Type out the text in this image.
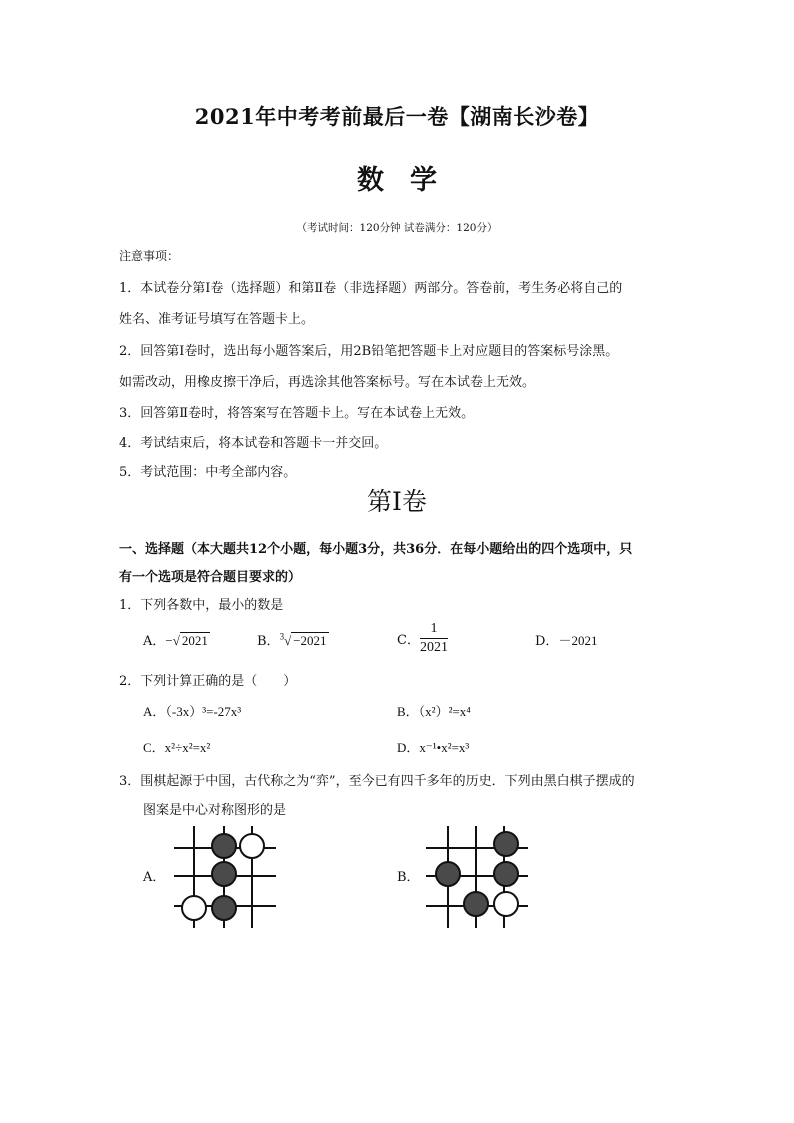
2021年中考考前最后一卷【湖南长沙卷】
数学
（考试时间：120分钟 试卷满分：120分）
注意事项：
1．本试卷分第Ⅰ卷（选择题）和第Ⅱ卷（非选择题）两部分。答卷前，考生务必将自己的
姓名、准考证号填写在答题卡上。
2．回答第Ⅰ卷时，选出每小题答案后，用2B铅笔把答题卡上对应题目的答案标号涂黑。
如需改动，用橡皮擦干净后，再选涂其他答案标号。写在本试卷上无效。
3．回答第Ⅱ卷时，将答案写在答题卡上。写在本试卷上无效。
4．考试结束后，将本试卷和答题卡一并交回。
5．考试范围：中考全部内容。
第Ⅰ卷
一、选择题（本大题共12个小题，每小题3分，共36分．在每小题给出的四个选项中，只
有一个选项是符合题目要求的）
1．下列各数中，最小的数是
A．−√ 2021	B．$^3$√ −2021	C． $\frac{1}{2021}$	D．－2021
2．下列计算正确的是（　　）
A．（-3x）³=-27x³	B．（x²）²=x⁴
C．x²÷x²=x²	D．x⁻¹•x²=x³
3．围棋起源于中国，古代称之为“弈”，至今已有四千多年的历史．下列由黑白棋子摆成的
图案是中心对称图形的是
A．	B．
